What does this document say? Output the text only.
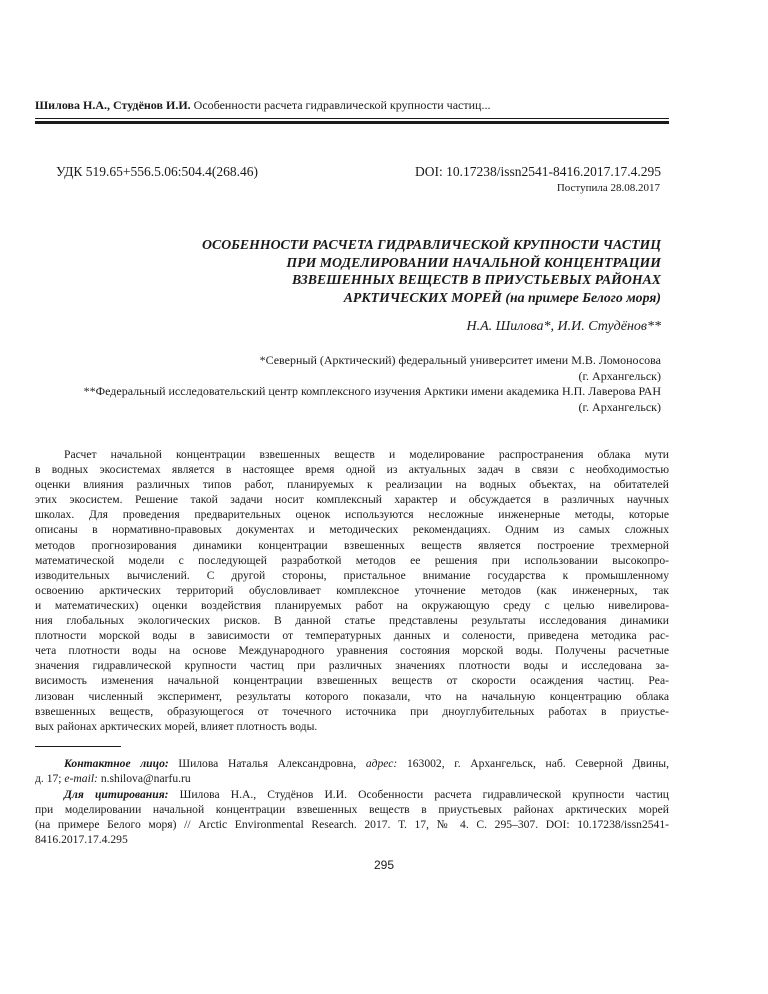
Шилова Н.А., Студёнов И.И. Особенности расчета гидравлической крупности частиц...
УДК 519.65+556.5.06:504.4(268.46)	DOI: 10.17238/issn2541-8416.2017.17.4.295
Поступила 28.08.2017
ОСОБЕННОСТИ РАСЧЕТА ГИДРАВЛИЧЕСКОЙ КРУПНОСТИ ЧАСТИЦ
ПРИ МОДЕЛИРОВАНИИ НАЧАЛЬНОЙ КОНЦЕНТРАЦИИ
ВЗВЕШЕННЫХ ВЕЩЕСТВ В ПРИУСТЬЕВЫХ РАЙОНАХ
АРКТИЧЕСКИХ МОРЕЙ (на примере Белого моря)
Н.А. Шилова*, И.И. Студёнов**
*Северный (Арктический) федеральный университет имени М.В. Ломоносова
(г. Архангельск)
**Федеральный исследовательский центр комплексного изучения Арктики имени академика Н.П. Лаверова РАН
(г. Архангельск)
Расчет начальной концентрации взвешенных веществ и моделирование распространения облака мути
в водных экосистемах является в настоящее время одной из актуальных задач в связи с необходимостью
оценки влияния различных типов работ, планируемых к реализации на водных объектах, на обитателей
этих экосистем. Решение такой задачи носит комплексный характер и обсуждается в различных научных
школах. Для проведения предварительных оценок используются несложные инженерные методы, которые
описаны в нормативно-правовых документах и методических рекомендациях. Одним из самых сложных
методов прогнозирования динамики концентрации взвешенных веществ является построение трехмерной
математической модели с последующей разработкой методов ее решения при использовании высокопро-
изводительных вычислений. С другой стороны, пристальное внимание государства к промышленному
освоению арктических территорий обусловливает комплексное уточнение методов (как инженерных, так
и математических) оценки воздействия планируемых работ на окружающую среду с целью нивелирова-
ния глобальных экологических рисков. В данной статье представлены результаты исследования динамики
плотности морской воды в зависимости от температурных данных и солености, приведена методика рас-
чета плотности воды на основе Международного уравнения состояния морской воды. Получены расчетные
значения гидравлической крупности частиц при различных значениях плотности воды и исследована за-
висимость изменения начальной концентрации взвешенных веществ от скорости осаждения частиц. Реа-
лизован численный эксперимент, результаты которого показали, что на начальную концентрацию облака
взвешенных веществ, образующегося от точечного источника при дноуглубительных работах в приустье-
вых районах арктических морей, влияет плотность воды.
Контактное лицо: Шилова Наталья Александровна, адрес: 163002, г. Архангельск, наб. Северной Двины,
д. 17; e-mail: n.shilova@narfu.ru
Для цитирования: Шилова Н.А., Студёнов И.И. Особенности расчета гидравлической крупности частиц
при моделировании начальной концентрации взвешенных веществ в приустьевых районах арктических морей
(на примере Белого моря) // Arctic Environmental Research. 2017. Т. 17, № 4. С. 295–307. DOI: 10.17238/issn2541-
8416.2017.17.4.295
295
